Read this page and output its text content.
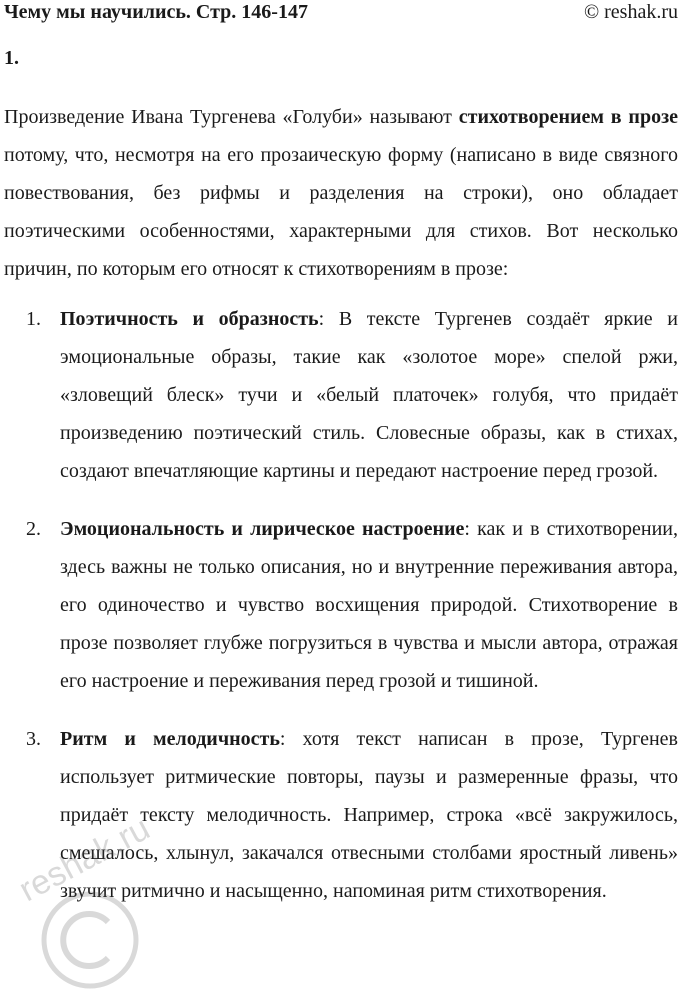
Чему мы научились. Стр. 146-147	© reshak.ru
1.

Произведение Ивана Тургенева «Голуби» называют стихотворением в прозе потому, что, несмотря на его прозаическую форму (написано в виде связного повествования, без рифмы и разделения на строки), оно обладает поэтическими особенностями, характерными для стихов. Вот несколько причин, по которым его относят к стихотворениям в прозе:

1. Поэтичность и образность: В тексте Тургенев создаёт яркие и эмоциональные образы, такие как «золотое море» спелой ржи, «зловещий блеск» тучи и «белый платочек» голубя, что придаёт произведению поэтический стиль. Словесные образы, как в стихах, создают впечатляющие картины и передают настроение перед грозой.
2. Эмоциональность и лирическое настроение: как и в стихотворении, здесь важны не только описания, но и внутренние переживания автора, его одиночество и чувство восхищения природой. Стихотворение в прозе позволяет глубже погрузиться в чувства и мысли автора, отражая его настроение и переживания перед грозой и тишиной.
3. Ритм и мелодичность: хотя текст написан в прозе, Тургенев использует ритмические повторы, паузы и размеренные фразы, что придаёт тексту мелодичность. Например, строка «всё закружилось, смешалось, хлынул, закачался отвесными столбами яростный ливень» звучит ритмично и насыщенно, напоминая ритм стихотворения.
reshak.ru
